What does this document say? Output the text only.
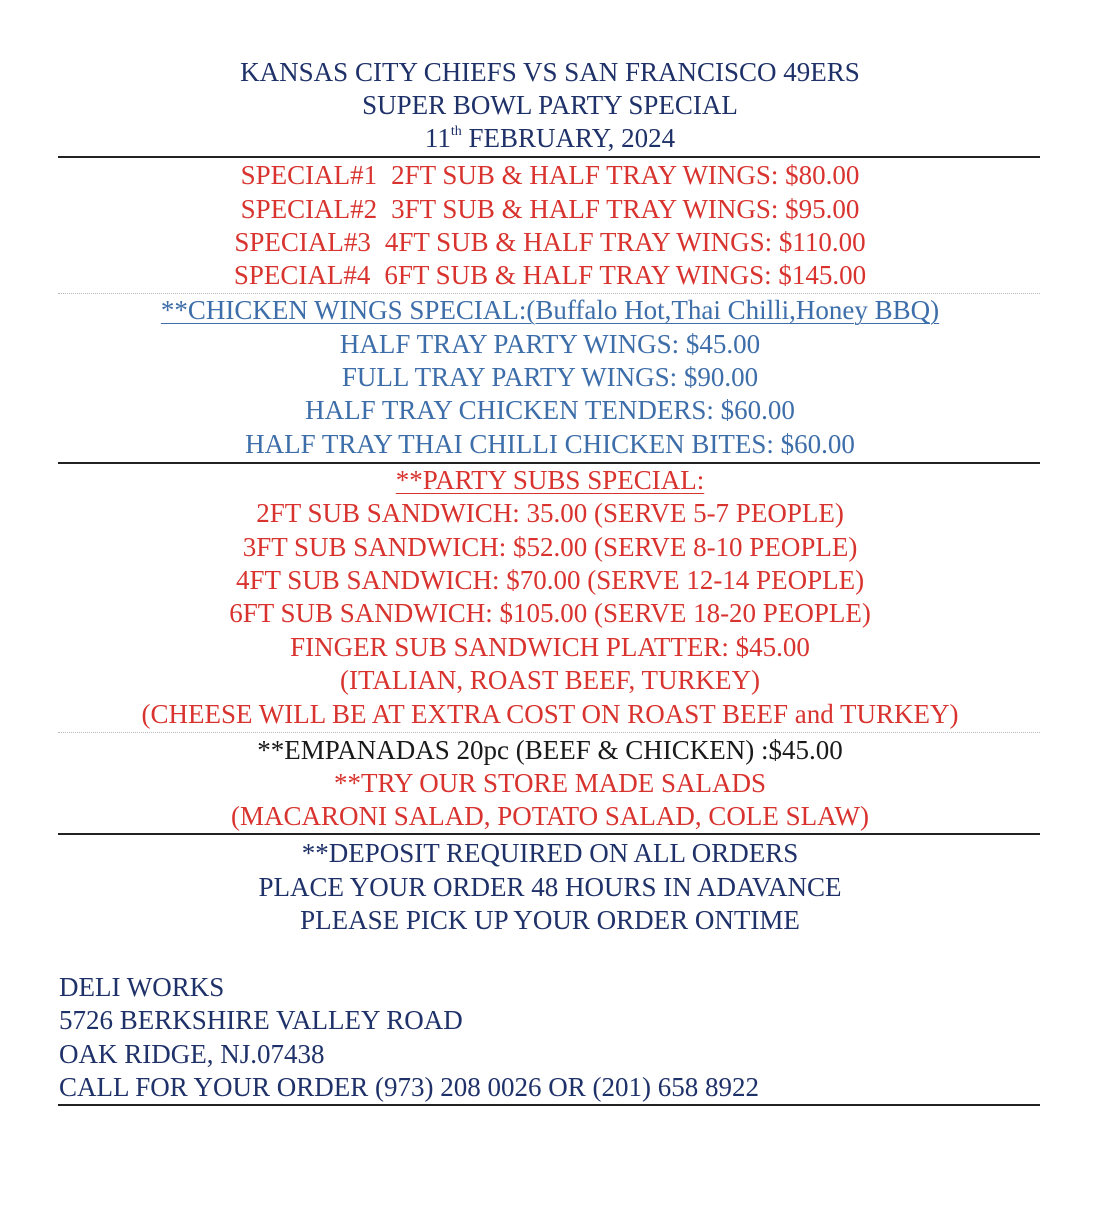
KANSAS CITY CHIEFS VS SAN FRANCISCO 49ERS
SUPER BOWL PARTY SPECIAL
11th FEBRUARY, 2024
SPECIAL#1 2FT SUB & HALF TRAY WINGS: $80.00
SPECIAL#2 3FT SUB & HALF TRAY WINGS: $95.00
SPECIAL#3 4FT SUB & HALF TRAY WINGS: $110.00
SPECIAL#4 6FT SUB & HALF TRAY WINGS: $145.00
**CHICKEN WINGS SPECIAL:(Buffalo Hot,Thai Chilli,Honey BBQ)
HALF TRAY PARTY WINGS: $45.00
FULL TRAY PARTY WINGS: $90.00
HALF TRAY CHICKEN TENDERS: $60.00
HALF TRAY THAI CHILLI CHICKEN BITES: $60.00
**PARTY SUBS SPECIAL:
2FT SUB SANDWICH: 35.00 (SERVE 5-7 PEOPLE)
3FT SUB SANDWICH: $52.00 (SERVE 8-10 PEOPLE)
4FT SUB SANDWICH: $70.00 (SERVE 12-14 PEOPLE)
6FT SUB SANDWICH: $105.00 (SERVE 18-20 PEOPLE)
FINGER SUB SANDWICH PLATTER: $45.00
(ITALIAN, ROAST BEEF, TURKEY)
(CHEESE WILL BE AT EXTRA COST ON ROAST BEEF and TURKEY)
**EMPANADAS 20pc (BEEF & CHICKEN) :$45.00
**TRY OUR STORE MADE SALADS
(MACARONI SALAD, POTATO SALAD, COLE SLAW)
**DEPOSIT REQUIRED ON ALL ORDERS
PLACE YOUR ORDER 48 HOURS IN ADAVANCE
PLEASE PICK UP YOUR ORDER ONTIME
DELI WORKS
5726 BERKSHIRE VALLEY ROAD
OAK RIDGE, NJ.07438
CALL FOR YOUR ORDER (973) 208 0026 OR (201) 658 8922
